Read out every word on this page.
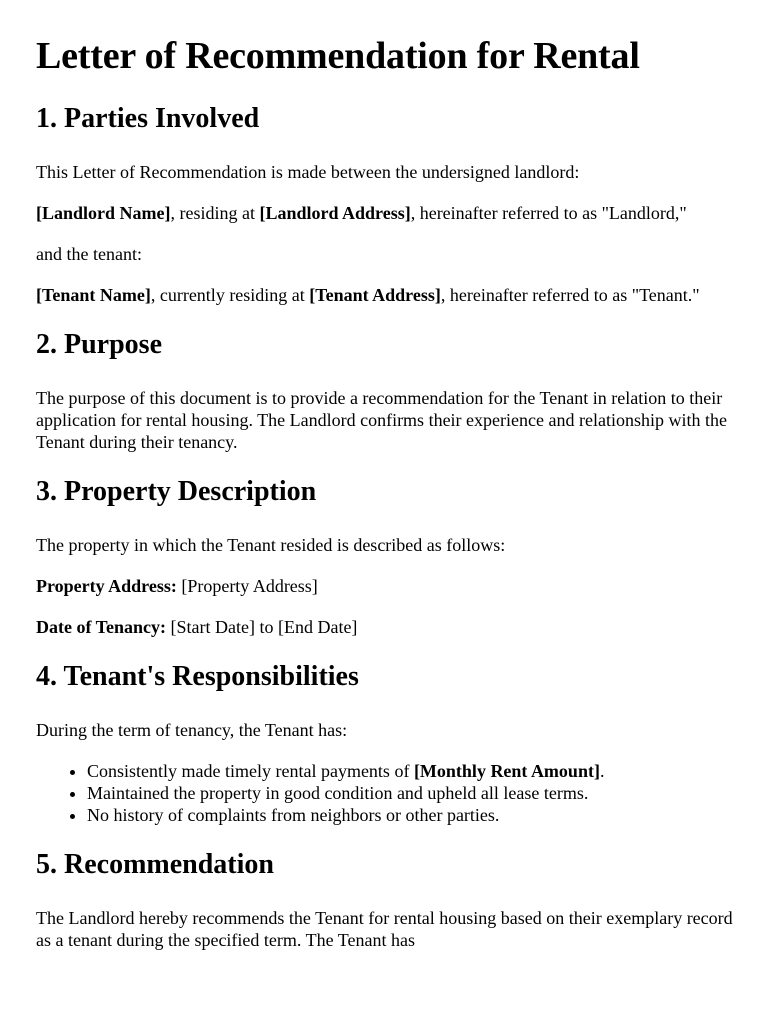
Letter of Recommendation for Rental
1. Parties Involved

This Letter of Recommendation is made between the undersigned landlord:

[Landlord Name], residing at [Landlord Address], hereinafter referred to as "Landlord,"

and the tenant:

[Tenant Name], currently residing at [Tenant Address], hereinafter referred to as "Tenant."

2. Purpose

The purpose of this document is to provide a recommendation for the Tenant in relation to their application for rental housing. The Landlord confirms their experience and relationship with the Tenant during their tenancy.

3. Property Description

The property in which the Tenant resided is described as follows:

Property Address: [Property Address]

Date of Tenancy: [Start Date] to [End Date]

4. Tenant's Responsibilities

During the term of tenancy, the Tenant has:

• Consistently made timely rental payments of [Monthly Rent Amount].
• Maintained the property in good condition and upheld all lease terms.
• No history of complaints from neighbors or other parties.
5. Recommendation

The Landlord hereby recommends the Tenant for rental housing based on their exemplary record as a tenant during the specified term. The Tenant has
